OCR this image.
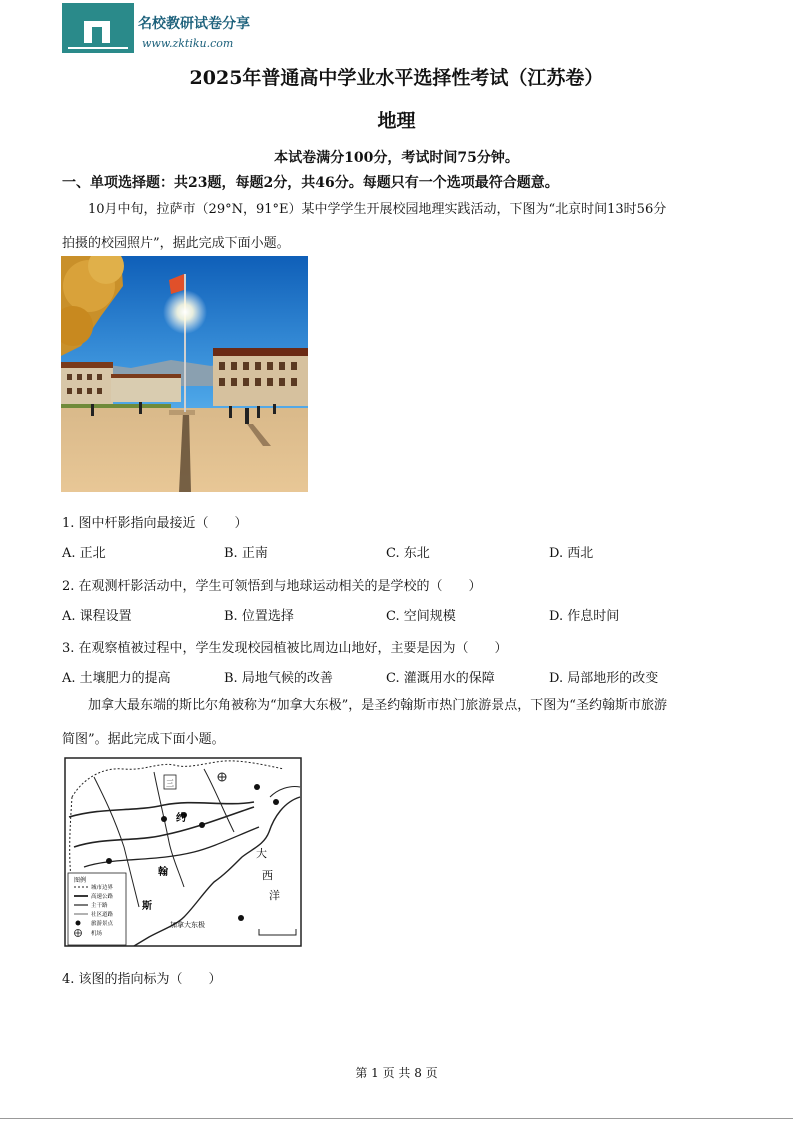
名校教研试卷分享
www.zktiku.com
2025年普通高中学业水平选择性考试（江苏卷）
地理
本试卷满分100分，考试时间75分钟。
一、单项选择题：共23题，每题2分，共46分。每题只有一个选项最符合题意。
10月中旬，拉萨市（29°N，91°E）某中学学生开展校园地理实践活动，下图为“北京时间13时56分
拍摄的校园照片”，据此完成下面小题。
1. 图中杆影指向最接近（　　）
A. 正北	B. 正南	C. 东北	D. 西北
2. 在观测杆影活动中，学生可领悟到与地球运动相关的是学校的（　　）
A. 课程设置	B. 位置选择	C. 空间规模	D. 作息时间
3. 在观察植被过程中，学生发现校园植被比周边山地好，主要是因为（　　）
A. 土壤肥力的提高	B. 局地气候的改善	C. 灌溉用水的保障	D. 局部地形的改变
加拿大最东端的斯比尔角被称为“加拿大东极”，是圣约翰斯市热门旅游景点，下图为“圣约翰斯市旅游
简图”。据此完成下面小题。
三
约
翰
斯
大
西
洋
加拿大东极
图例
城市边界
高速公路
主干路
社区道路
旅游景点
机场
4. 该图的指向标为（　　）
第 1 页 共 8 页
